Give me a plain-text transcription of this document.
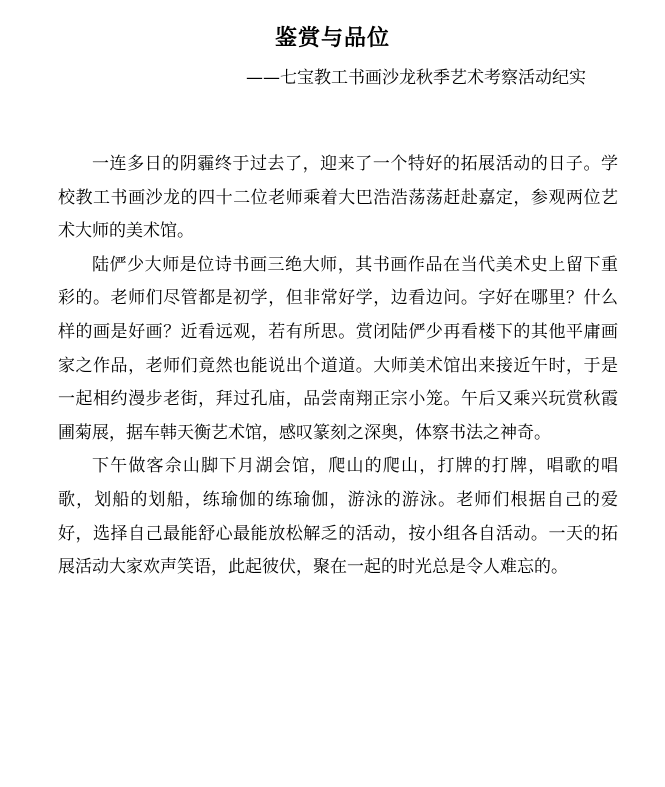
鉴赏与品位
——七宝教工书画沙龙秋季艺术考察活动纪实

一连多日的阴霾终于过去了，迎来了一个特好的拓展活动的日子。学校教工书画沙龙的四十二位老师乘着大巴浩浩荡荡赶赴嘉定，参观两位艺术大师的美术馆。

陆俨少大师是位诗书画三绝大师，其书画作品在当代美术史上留下重彩的。老师们尽管都是初学，但非常好学，边看边问。字好在哪里？什么样的画是好画？近看远观，若有所思。赏闭陆俨少再看楼下的其他平庸画家之作品，老师们竟然也能说出个道道。大师美术馆出来接近午时，于是一起相约漫步老街，拜过孔庙，品尝南翔正宗小笼。午后又乘兴玩赏秋霞圃菊展，据车韩天衡艺术馆，感叹篆刻之深奥，体察书法之神奇。

下午做客佘山脚下月湖会馆，爬山的爬山，打牌的打牌，唱歌的唱歌，划船的划船，练瑜伽的练瑜伽，游泳的游泳。老师们根据自己的爱好，选择自己最能舒心最能放松解乏的活动，按小组各自活动。一天的拓展活动大家欢声笑语，此起彼伏，聚在一起的时光总是令人难忘的。
